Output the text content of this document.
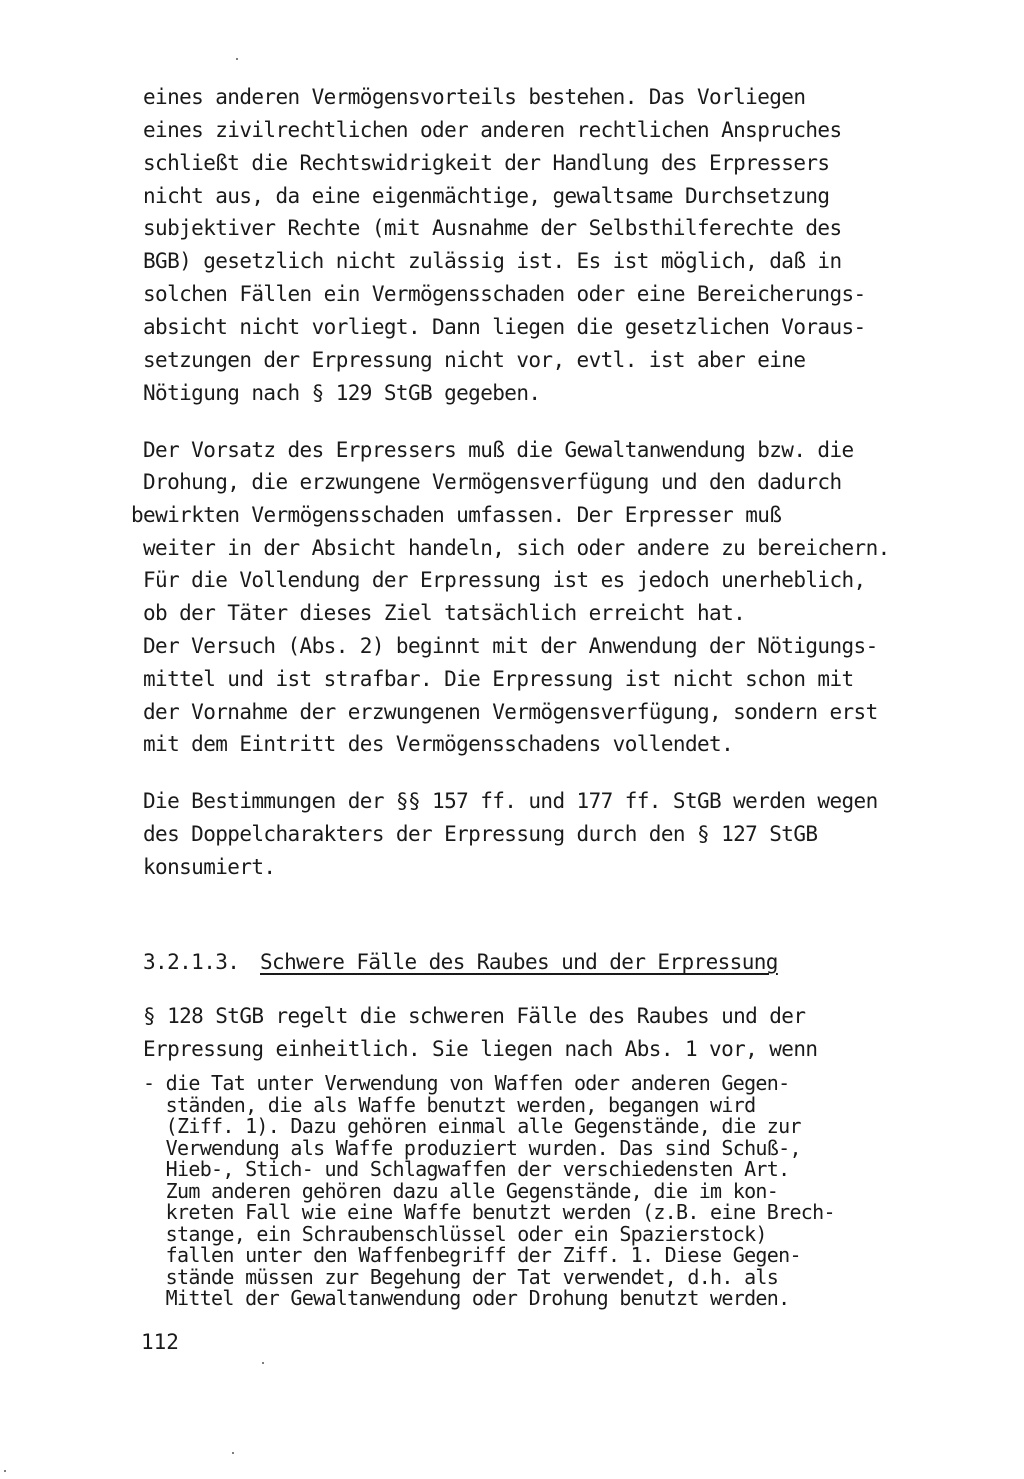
eines anderen Vermögensvorteils bestehen. Das Vorliegen
eines zivilrechtlichen oder anderen rechtlichen Anspruches
schließt die Rechtswidrigkeit der Handlung des Erpressers
nicht aus, da eine eigenmächtige, gewaltsame Durchsetzung
subjektiver Rechte (mit Ausnahme der Selbsthilferechte des
BGB) gesetzlich nicht zulässig ist. Es ist möglich, daß in
solchen Fällen ein Vermögensschaden oder eine Bereicherungs-
absicht nicht vorliegt. Dann liegen die gesetzlichen Voraus-
setzungen der Erpressung nicht vor, evtl. ist aber eine
Nötigung nach § 129 StGB gegeben.
Der Vorsatz des Erpressers muß die Gewaltanwendung bzw. die
Drohung, die erzwungene Vermögensverfügung und den dadurch
bewirkten Vermögensschaden umfassen. Der Erpresser muß
weiter in der Absicht handeln, sich oder andere zu bereichern.
Für die Vollendung der Erpressung ist es jedoch unerheblich,
ob der Täter dieses Ziel tatsächlich erreicht hat.
Der Versuch (Abs. 2) beginnt mit der Anwendung der Nötigungs-
mittel und ist strafbar. Die Erpressung ist nicht schon mit
der Vornahme der erzwungenen Vermögensverfügung, sondern erst
mit dem Eintritt des Vermögensschadens vollendet.
Die Bestimmungen der §§ 157 ff. und 177 ff. StGB werden wegen
des Doppelcharakters der Erpressung durch den § 127 StGB
konsumiert.
3.2.1.3. Schwere Fälle des Raubes und der Erpressung
§ 128 StGB regelt die schweren Fälle des Raubes und der
Erpressung einheitlich. Sie liegen nach Abs. 1 vor, wenn
- die Tat unter Verwendung von Waffen oder anderen Gegen-
ständen, die als Waffe benutzt werden, begangen wird
(Ziff. 1). Dazu gehören einmal alle Gegenstände, die zur
Verwendung als Waffe produziert wurden. Das sind Schuß-,
Hieb-, Stich- und Schlagwaffen der verschiedensten Art.
Zum anderen gehören dazu alle Gegenstände, die im kon-
kreten Fall wie eine Waffe benutzt werden (z.B. eine Brech-
stange, ein Schraubenschlüssel oder ein Spazierstock)
fallen unter den Waffenbegriff der Ziff. 1. Diese Gegen-
stände müssen zur Begehung der Tat verwendet, d.h. als
Mittel der Gewaltanwendung oder Drohung benutzt werden.
112
